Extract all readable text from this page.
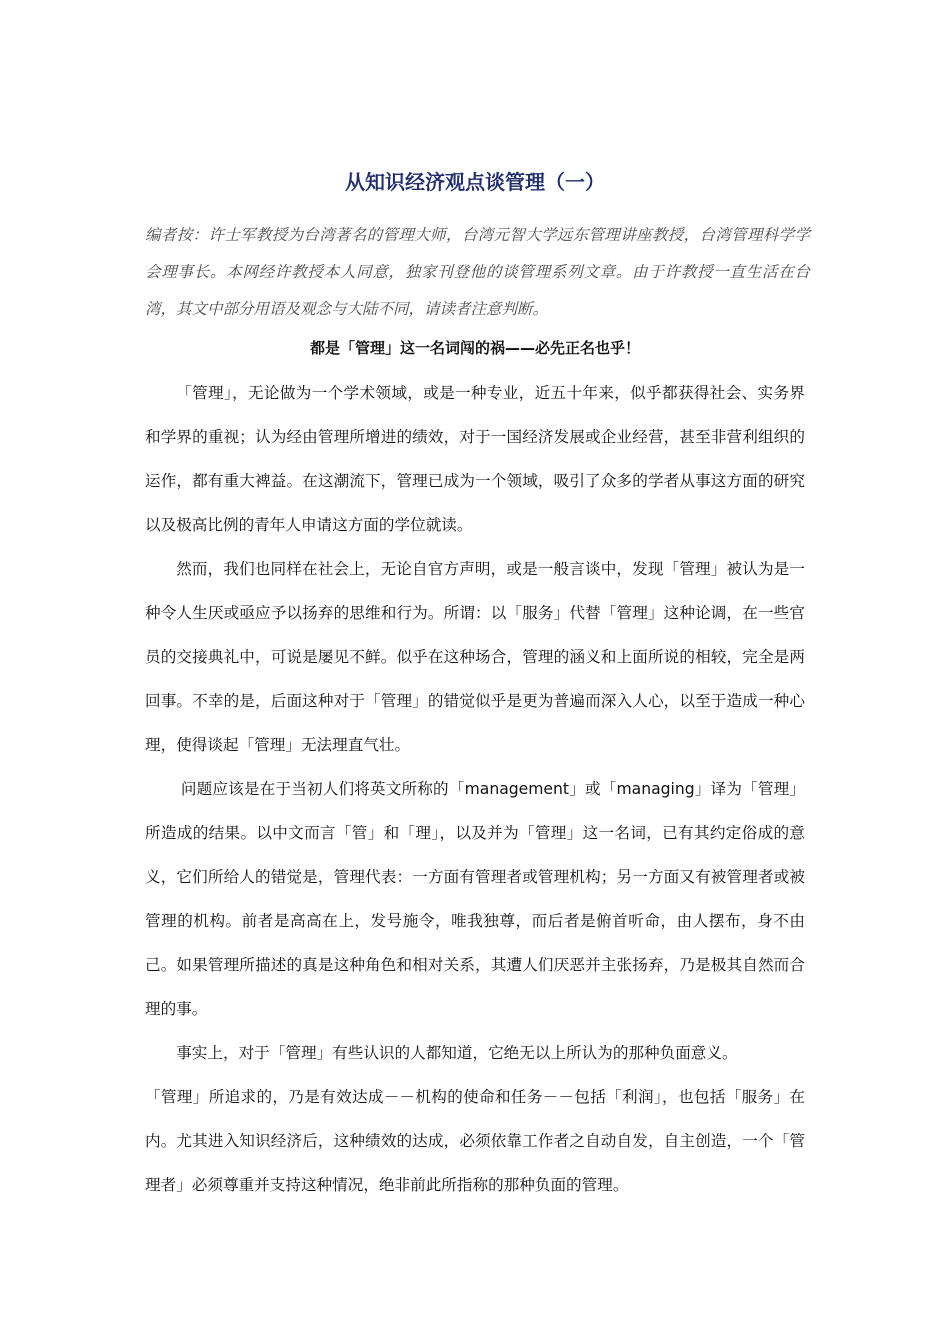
从知识经济观点谈管理（一）

编者按：许士军教授为台湾著名的管理大师，台湾元智大学远东管理讲座教授，台湾管理科学学会理事长。本网经许教授本人同意，独家刊登他的谈管理系列文章。由于许教授一直生活在台湾，其文中部分用语及观念与大陆不同，请读者注意判断。

都是「管理」这一名词闯的祸——必先正名也乎！

「管理」，无论做为一个学术领域，或是一种专业，近五十年来，似乎都获得社会、实务界和学界的重视；认为经由管理所增进的绩效，对于一国经济发展或企业经营，甚至非营利组织的运作，都有重大裨益。在这潮流下，管理已成为一个领域，吸引了众多的学者从事这方面的研究以及极高比例的青年人申请这方面的学位就读。

然而，我们也同样在社会上，无论自官方声明，或是一般言谈中，发现「管理」被认为是一种令人生厌或亟应予以扬弃的思维和行为。所谓：以「服务」代替「管理」这种论调，在一些官员的交接典礼中，可说是屡见不鲜。似乎在这种场合，管理的涵义和上面所说的相较，完全是两回事。不幸的是，后面这种对于「管理」的错觉似乎是更为普遍而深入人心，以至于造成一种心理，使得谈起「管理」无法理直气壮。

问题应该是在于当初人们将英文所称的「management」或「managing」译为「管理」所造成的结果。以中文而言「管」和「理」，以及并为「管理」这一名词，已有其约定俗成的意义，它们所给人的错觉是，管理代表：一方面有管理者或管理机构；另一方面又有被管理者或被管理的机构。前者是高高在上，发号施令，唯我独尊，而后者是俯首听命，由人摆布，身不由己。如果管理所描述的真是这种角色和相对关系，其遭人们厌恶并主张扬弃，乃是极其自然而合理的事。

事实上，对于「管理」有些认识的人都知道，它绝无以上所认为的那种负面意义。

「管理」所追求的，乃是有效达成－－机构的使命和任务－－包括「利润」，也包括「服务」在内。尤其进入知识经济后，这种绩效的达成，必须依靠工作者之自动自发，自主创造，一个「管理者」必须尊重并支持这种情况，绝非前此所指称的那种负面的管理。
